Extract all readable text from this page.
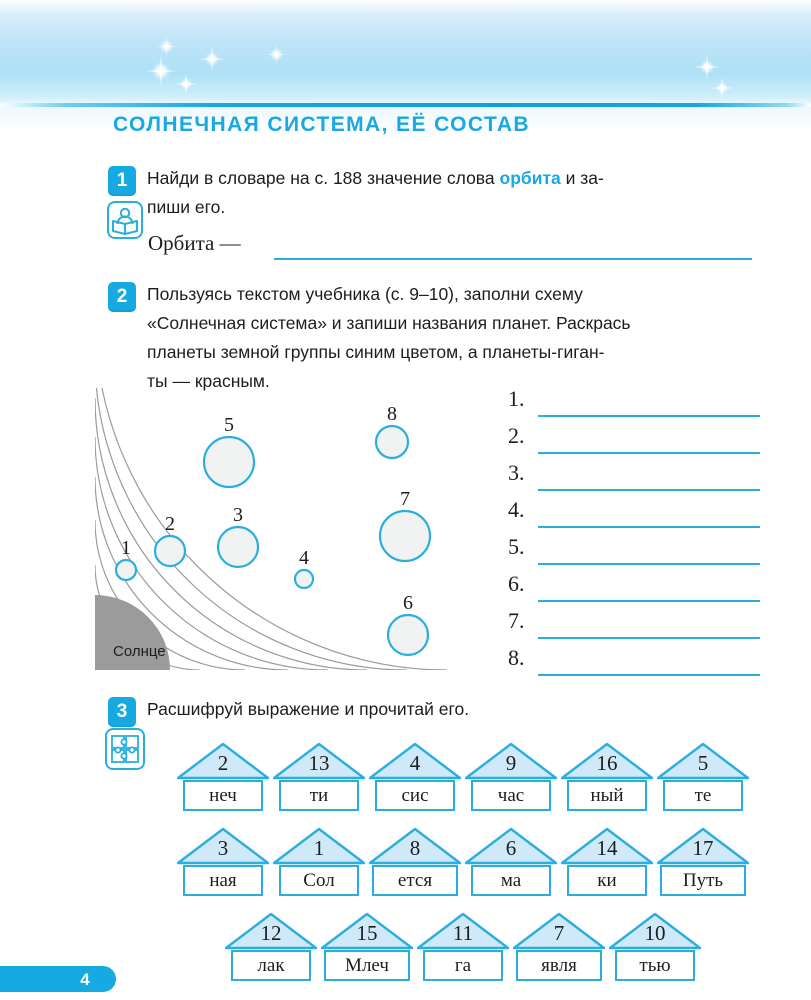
СОЛНЕЧНАЯ СИСТЕМА, ЕЁ СОСТАВ
1	Найди в словаре на с. 188 значение слова орбита и за-
пиши его.
Орбита —
2	Пользуясь текстом учебника (с. 9–10), заполни схему
«Солнечная система» и запиши названия планет. Раскрась
планеты земной группы синим цветом, а планеты-гиган-
ты — красным.
Солнце
1
2	3
4
5
6
7
8
1.
2.
3.
4.
5.
6.
7.
8.
3	Расшифруй выражение и прочитай его.
2
неч
13
ти
4
сис
9
час
16
ный
5
те
3
ная
1
Сол
8
ется
6
ма
14
ки
17
Путь
12
лак
15
Млеч
11
га
7
явля
10
тью
4
